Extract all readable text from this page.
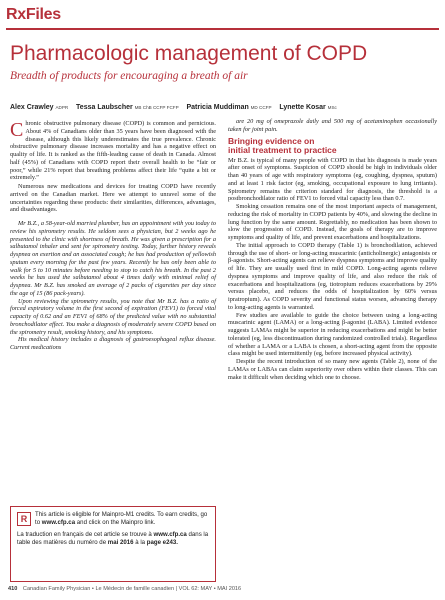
RxFiles
Pharmacologic management of COPD
Breadth of products for encouraging a breath of air
Alex Crawley ADPR Tessa Laubscher MB ChB CCFP FCFP Patricia Muddiman MD CCFP Lynette Kosar MSc

Chronic obstructive pulmonary disease (COPD) is common and pernicious. About 4% of Canadians older than 35 years have been diagnosed with the disease, although this likely underestimates the true prevalence. Chronic obstructive pulmonary disease increases mortality and has a negative effect on quality of life. It is ranked as the fifth-leading cause of death in Canada. Almost half (45%) of Canadians with COPD report their overall health to be “fair or poor,” while 21% report that breathing problems affect their life “quite a bit or extremely.”

Numerous new medications and devices for treating COPD have recently arrived on the Canadian market. Here we attempt to unravel some of the uncertainties regarding these products: their similarities, differences, advantages, and disadvantages.

Mr B.Z., a 58-year-old married plumber, has an appointment with you today to review his spirometry results. He seldom sees a physician, but 2 weeks ago he presented to the clinic with shortness of breath. He was given a prescription for a salbutamol inhaler and sent for spirometry testing. Today, further history reveals dyspnea on exertion and an associated cough; he has had production of yellowish sputum every morning for the past few years. Recently he has only been able to walk for 5 to 10 minutes before needing to stop to catch his breath. In the past 2 weeks he has used the salbutamol about 4 times daily with minimal relief of dyspnea. Mr B.Z. has smoked an average of 2 packs of cigarettes per day since the age of 15 (86 pack-years).

Upon reviewing the spirometry results, you note that Mr B.Z. has a ratio of forced expiratory volume in the first second of expiration (FEV1) to forced vital capacity of 0.62 and an FEV1 of 68% of the predicted value with no substantial bronchodilator effect. You make a diagnosis of moderately severe COPD based on the spirometry result, smoking history, and his symptoms.

His medical history includes a diagnosis of gastroesophageal reflux disease. Current medications

are 20 mg of omeprazole daily and 500 mg of acetaminophen occasionally taken for joint pain.

Bringing evidence on
initial treatment to practice

Mr B.Z. is typical of many people with COPD in that his diagnosis is made years after onset of symptoms. Suspicion of COPD should be high in individuals older than 40 years of age with respiratory symptoms (eg, coughing, dyspnea, sputum) and at least 1 risk factor (eg, smoking, occupational exposure to lung irritants). Spirometry remains the criterion standard for diagnosis, the threshold is a postbronchodilator ratio of FEV1 to forced vital capacity less than 0.7.

Smoking cessation remains one of the most important aspects of management, reducing the risk of mortality in COPD patients by 40%, and slowing the decline in lung function by the same amount. Regrettably, no medication has been shown to slow the progression of COPD. Instead, the goals of therapy are to improve symptoms and quality of life, and prevent exacerbations and hospitalizations.

The initial approach to COPD therapy (Table 1) is bronchodilation, achieved through the use of short- or long-acting muscarinic (anticholinergic) antagonists or β-agonists. Short-acting agents can relieve dyspnea symptoms and improve quality of life. They are usually used first in mild COPD. Long-acting agents relieve dyspnea symptoms and improve quality of life, and also reduce the risk of exacerbations and hospitalizations (eg, tiotropium reduces exacerbations by 29% versus placebo, and reduces the odds of hospitalization by 60% versus ipratropium). As COPD severity and functional status worsen, advancing therapy to long-acting agents is warranted.

Few studies are available to guide the choice between using a long-acting muscarinic agent (LAMA) or a long-acting β-agonist (LABA). Limited evidence suggests LAMAs might be superior in reducing exacerbations and might be better tolerated (eg, less discontinuation during randomized controlled trials). Regardless of whether a LAMA or a LABA is chosen, a short-acting agent from the opposite class might be used intermittently (eg, before increased physical activity).

Despite the recent introduction of so many new agents (Table 2), none of the LAMAs or LABAs can claim superiority over others within their classes. This can make it difficult when deciding which one to choose.

R	This article is eligible for Mainpro-M1 credits. To earn credits, go to www.cfp.ca and click on the Mainpro link.
La traduction en français de cet article se trouve à www.cfp.ca dans la table des matières du numéro de mai 2016 à la page e243.
410 Canadian Family Physician • Le Médecin de famille canadien | VOL 62: MAY • MAI 2016
